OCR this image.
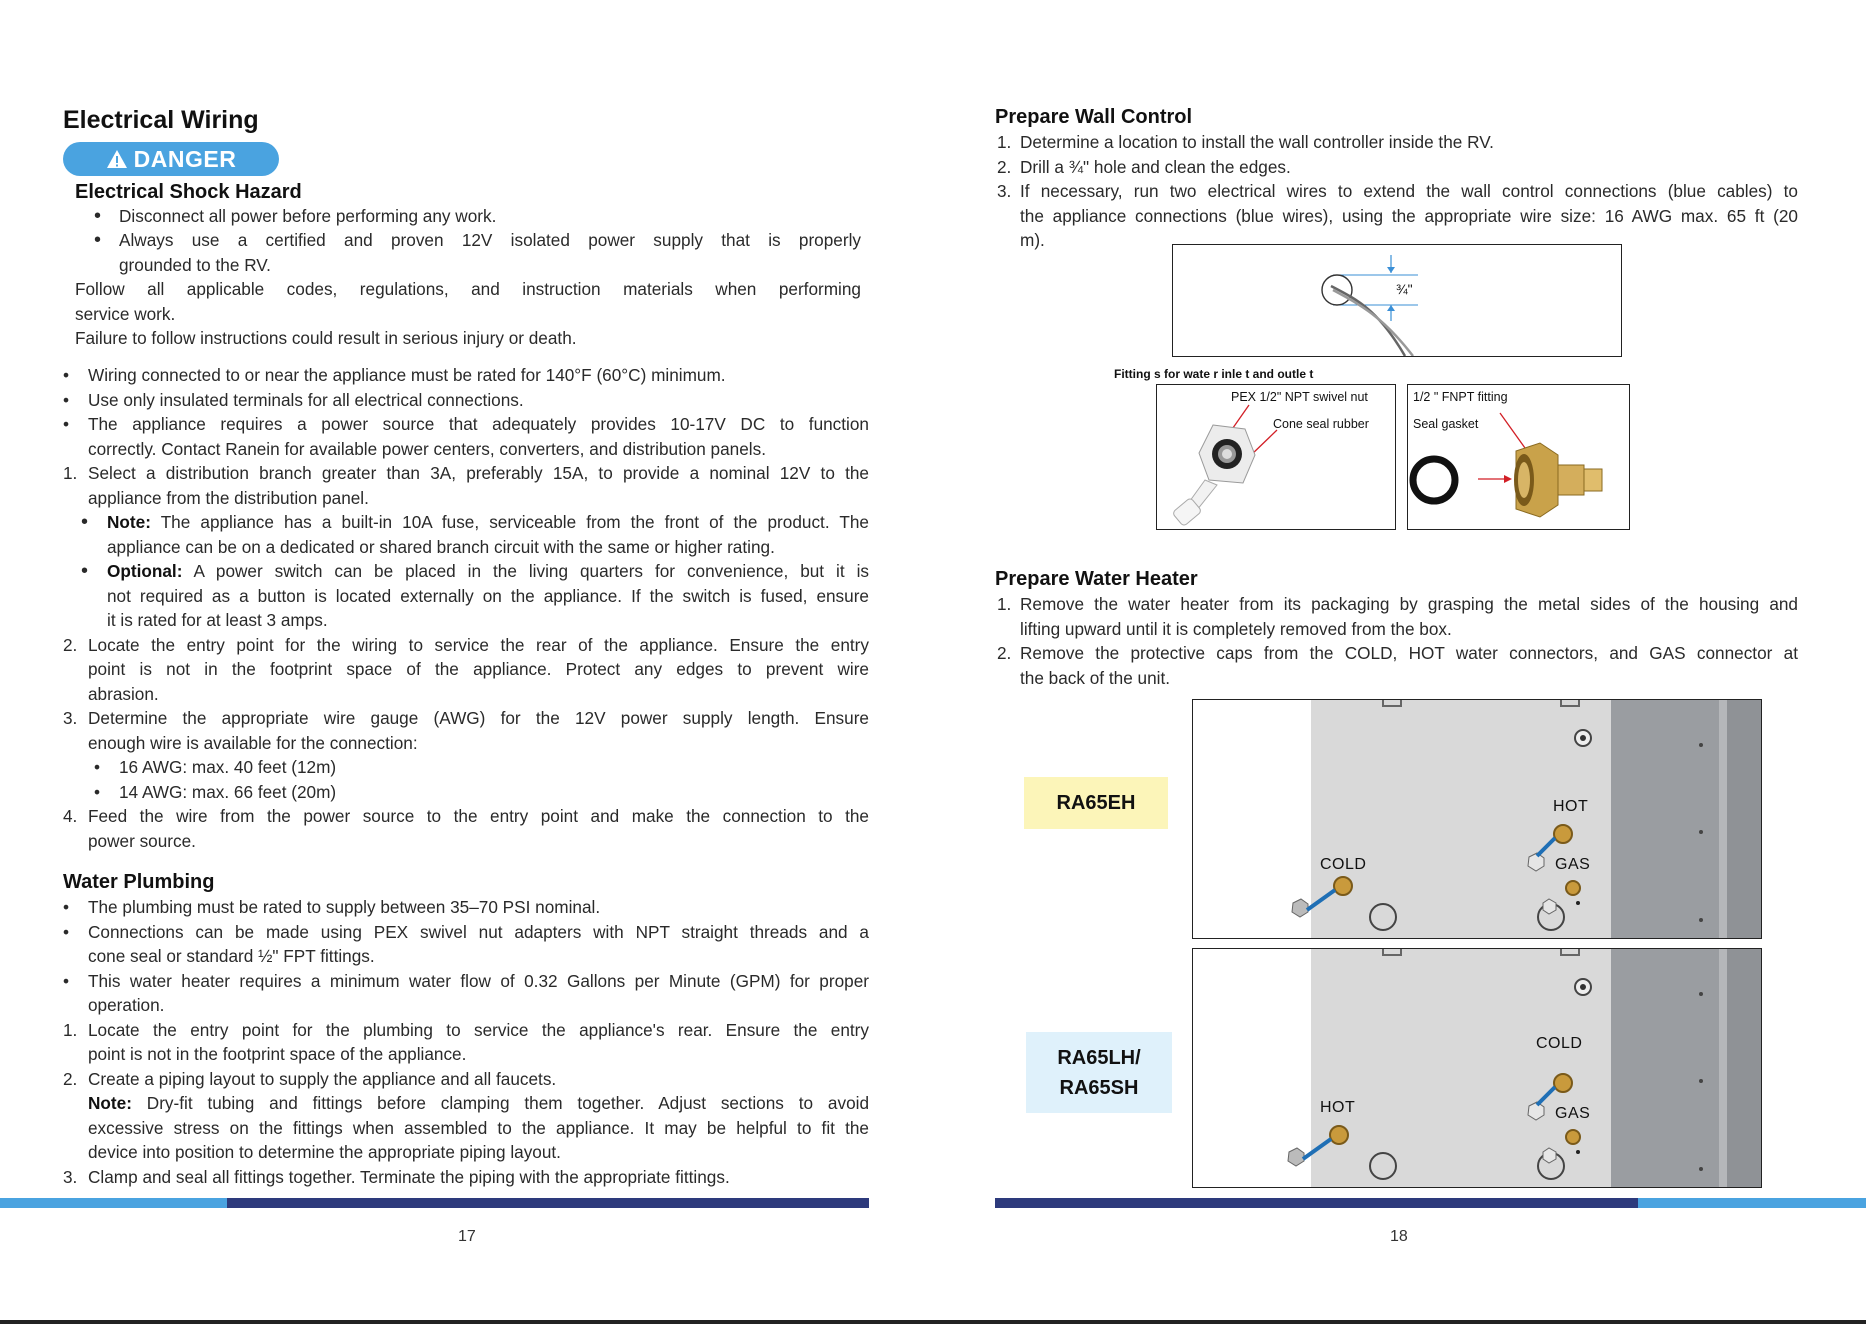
Electrical Wiring
DANGER
Electrical Shock Hazard
• Disconnect all power before performing any work.
• Always use a certified and proven 12V isolated power supply that is properly
grounded to the RV.
Follow all applicable codes, regulations, and instruction materials when performing
service work.
Failure to follow instructions could result in serious injury or death.
• Wiring connected to or near the appliance must be rated for 140°F (60°C) minimum.
• Use only insulated terminals for all electrical connections.
• The appliance requires a power source that adequately provides 10-17V DC to function
correctly. Contact Ranein for available power centers, converters, and distribution panels.
1. Select a distribution branch greater than 3A, preferably 15A, to provide a nominal 12V to the
appliance from the distribution panel.
• Note: The appliance has a built-in 10A fuse, serviceable from the front of the product. The
appliance can be on a dedicated or shared branch circuit with the same or higher rating.
• Optional: A power switch can be placed in the living quarters for convenience, but it is
not required as a button is located externally on the appliance. If the switch is fused, ensure
it is rated for at least 3 amps.
2. Locate the entry point for the wiring to service the rear of the appliance. Ensure the entry
point is not in the footprint space of the appliance. Protect any edges to prevent wire
abrasion.
3. Determine the appropriate wire gauge (AWG) for the 12V power supply length. Ensure
enough wire is available for the connection:
• 16 AWG: max. 40 feet (12m)
• 14 AWG: max. 66 feet (20m)
4. Feed the wire from the power source to the entry point and make the connection to the
power source.
Water Plumbing
• The plumbing must be rated to supply between 35–70 PSI nominal.
• Connections can be made using PEX swivel nut adapters with NPT straight threads and a
cone seal or standard ½" FPT fittings.
• This water heater requires a minimum water flow of 0.32 Gallons per Minute (GPM) for proper
operation.
1. Locate the entry point for the plumbing to service the appliance's rear. Ensure the entry
point is not in the footprint space of the appliance.
2. Create a piping layout to supply the appliance and all faucets.
Note: Dry-fit tubing and fittings before clamping them together. Adjust sections to avoid
excessive stress on the fittings when assembled to the appliance. It may be helpful to fit the
device into position to determine the appropriate piping layout.
3. Clamp and seal all fittings together. Terminate the piping with the appropriate fittings.
17
Prepare Wall Control
1. Determine a location to install the wall controller inside the RV.
2. Drill a ¾" hole and clean the edges.
3. If necessary, run two electrical wires to extend the wall control connections (blue cables) to
the appliance connections (blue wires), using the appropriate wire size: 16 AWG max. 65 ft (20
m).
¾"
Fitting s for wate r inle t and outle t
PEX 1/2" NPT swivel nut
Cone seal rubber
1/2 " FNPT fitting
Seal gasket
Prepare Water Heater
1. Remove the water heater from its packaging by grasping the metal sides of the housing and
lifting upward until it is completely removed from the box.
2. Remove the protective caps from the COLD, HOT water connectors, and GAS connector at
the back of the unit.
RA65EH
RA65LH/
RA65SH
COLD
HOT
GAS
HOT
COLD
GAS
18
